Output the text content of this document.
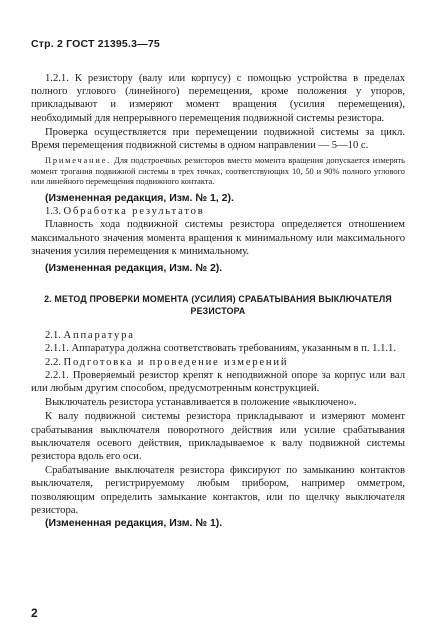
Стр. 2 ГОСТ 21395.3—75

1.2.1. К резистору (валу или корпусу) с помощью устройства в пределах полного углового (линейного) перемещения, кроме положения у упоров, прикладывают и измеряют момент вращения (усилия перемещения), необходимый для непрерывного перемещения подвижной системы резистора.

Проверка осуществляется при перемещении подвижной системы за цикл. Время перемещения подвижной системы в одном направлении — 5—10 с.

Примечание. Для подстроечных резисторов вместо момента вращения допускается измерять момент трогания подвижной системы в трех точках, соответствующих 10, 50 и 90% полного углового или линейного перемещения подвижного контакта.

(Измененная редакция, Изм. № 1, 2).

1.3. Обработка результатов

Плавность хода подвижной системы резистора определяется отношением максимального значения момента вращения к минимальному или максимального значения усилия перемещения к минимальному.

(Измененная редакция, Изм. № 2).

2. МЕТОД ПРОВЕРКИ МОМЕНТА (УСИЛИЯ) СРАБАТЫВАНИЯ ВЫКЛЮЧАТЕЛЯ РЕЗИСТОРА

2.1. Аппаратура

2.1.1. Аппаратура должна соответствовать требованиям, указанным в п. 1.1.1.

2.2. Подготовка и проведение измерений

2.2.1. Проверяемый резистор крепят к неподвижной опоре за корпус или вал или любым другим способом, предусмотренным конструкцией.

Выключатель резистора устанавливается в положение «выключено».

К валу подвижной системы резистора прикладывают и измеряют момент срабатывания выключателя поворотного действия или усилие срабатывания выключателя осевого действия, прикладываемое к валу подвижной системы резистора вдоль его оси.

Срабатывание выключателя резистора фиксируют по замыканию контактов выключателя, регистрируемому любым прибором, например омметром, позволяющим определить замыкание контактов, или по щелчку выключателя резистора.

(Измененная редакция, Изм. № 1).

2
